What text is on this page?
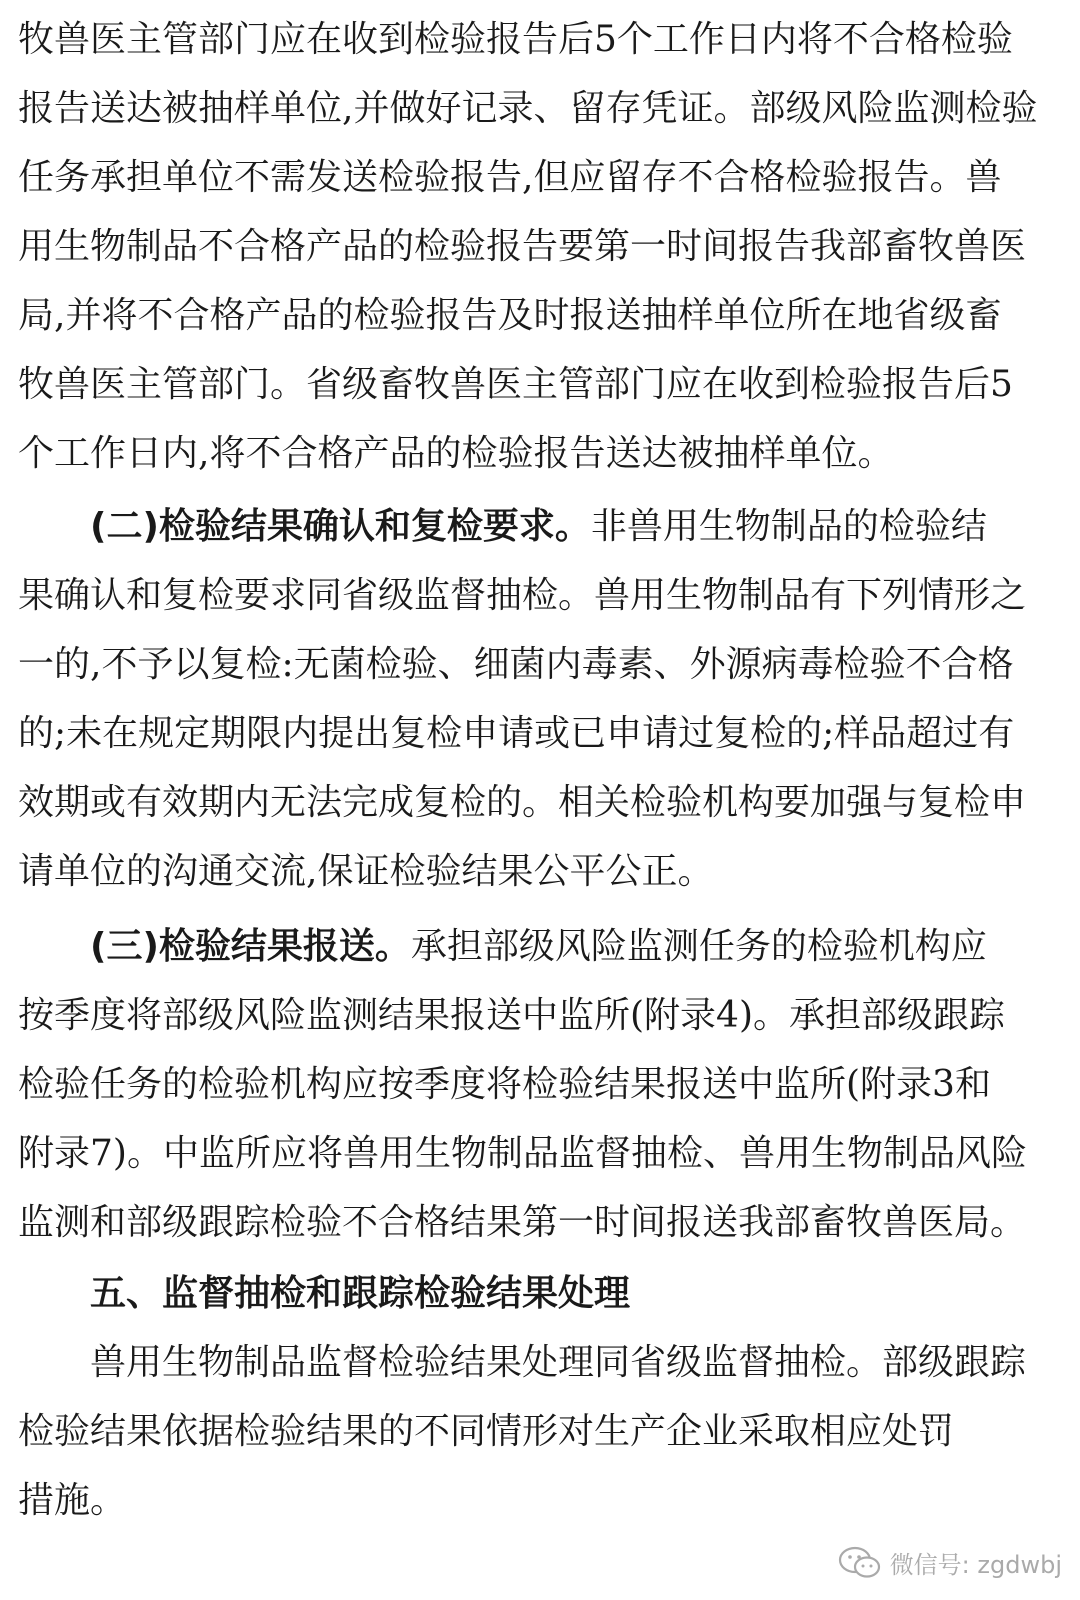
牧兽医主管部门应在收到检验报告后5个工作日内将不合格检验
报告送达被抽样单位,并做好记录、留存凭证。部级风险监测检验
任务承担单位不需发送检验报告,但应留存不合格检验报告。兽
用生物制品不合格产品的检验报告要第一时间报告我部畜牧兽医
局,并将不合格产品的检验报告及时报送抽样单位所在地省级畜
牧兽医主管部门。省级畜牧兽医主管部门应在收到检验报告后5
个工作日内,将不合格产品的检验报告送达被抽样单位。
(二)检验结果确认和复检要求。非兽用生物制品的检验结
果确认和复检要求同省级监督抽检。兽用生物制品有下列情形之
一的,不予以复检:无菌检验、细菌内毒素、外源病毒检验不合格
的;未在规定期限内提出复检申请或已申请过复检的;样品超过有
效期或有效期内无法完成复检的。相关检验机构要加强与复检申
请单位的沟通交流,保证检验结果公平公正。
(三)检验结果报送。承担部级风险监测任务的检验机构应
按季度将部级风险监测结果报送中监所(附录4)。承担部级跟踪
检验任务的检验机构应按季度将检验结果报送中监所(附录3和
附录7)。中监所应将兽用生物制品监督抽检、兽用生物制品风险
监测和部级跟踪检验不合格结果第一时间报送我部畜牧兽医局。
五、监督抽检和跟踪检验结果处理
兽用生物制品监督检验结果处理同省级监督抽检。部级跟踪
检验结果依据检验结果的不同情形对生产企业采取相应处罚
措施。
微信号: zgdwbj
